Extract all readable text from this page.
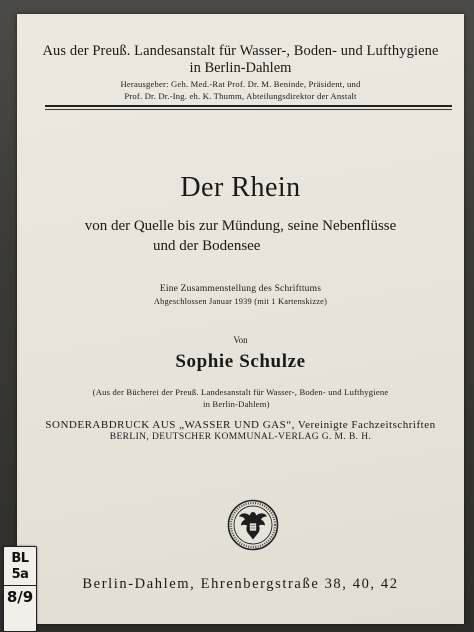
Aus der Preuß. Landesanstalt für Wasser-, Boden- und Lufthygiene
in Berlin-Dahlem
Herausgeber: Geh. Med.-Rat Prof. Dr. M. Beninde, Präsident, und
Prof. Dr. Dr.-Ing. eh. K. Thumm, Abteilungsdirektor der Anstalt
Der Rhein
von der Quelle bis zur Mündung, seine Nebenflüsse
und der Bodensee
Eine Zusammenstellung des Schrifttums
Abgeschlossen Januar 1939 (mit 1 Kartenskizze)
Von
Sophie Schulze
(Aus der Bücherei der Preuß. Landesanstalt für Wasser-, Boden- und Lufthygiene
in Berlin-Dahlem)
SONDERABDRUCK AUS „WASSER UND GAS“, Vereinigte Fachzeitschriften
BERLIN, DEUTSCHER KOMMUNAL-VERLAG G. M. B. H.
Berlin-Dahlem, Ehrenbergstraße 38, 40, 42
BL
5a
8/9
